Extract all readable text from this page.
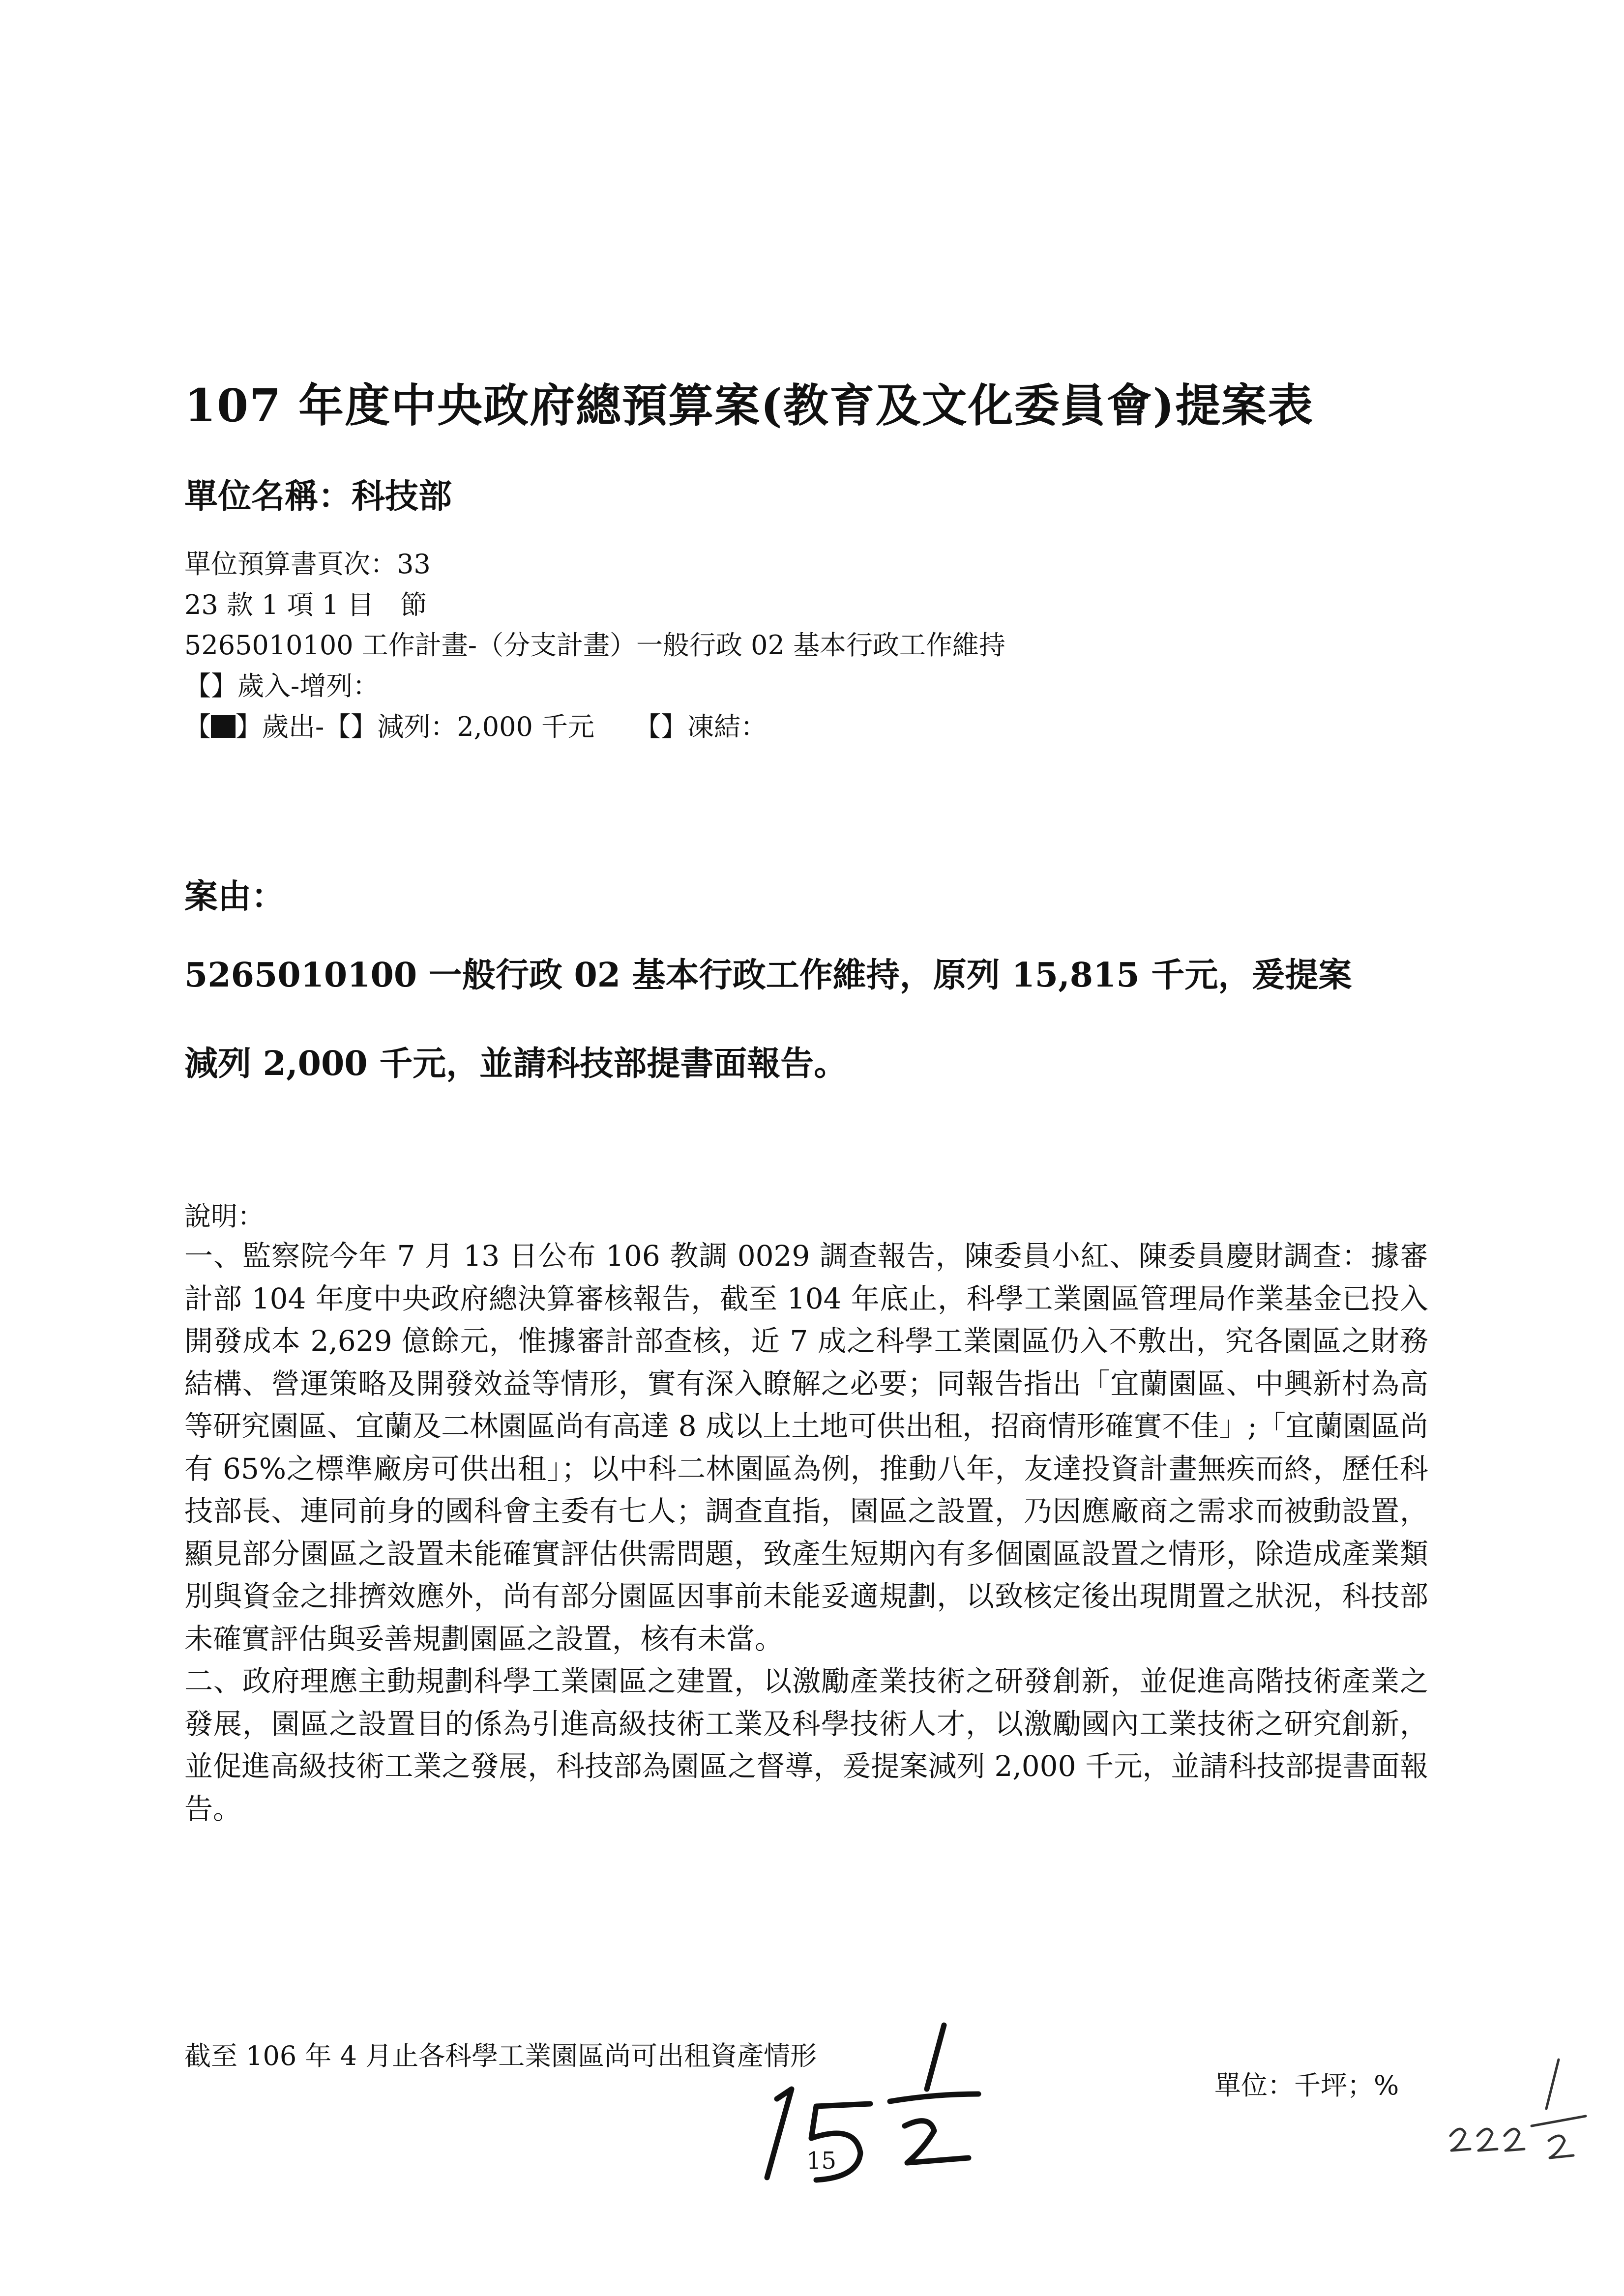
107 年度中央政府總預算案(教育及文化委員會)提案表
單位名稱：科技部
單位預算書頁次：33
23 款 1 項 1 目　節
5265010100 工作計畫-（分支計畫）一般行政 02 基本行政工作維持
【】歲入-增列：
【 】歲出-【】減列：2,000 千元　　【】凍結：
案由：
5265010100 一般行政 02 基本行政工作維持，原列 15,815 千元，爰提案
減列 2,000 千元，並請科技部提書面報告。
說明：

一、監察院今年 7 月 13 日公布 106 教調 0029 調查報告，陳委員小紅、陳委員慶財調查：據審計部 104 年度中央政府總決算審核報告，截至 104 年底止，科學工業園區管理局作業基金已投入開發成本 2,629 億餘元，惟據審計部查核，近 7 成之科學工業園區仍入不敷出，究各園區之財務結構、營運策略及開發效益等情形，實有深入瞭解之必要；同報告指出「宜蘭園區、中興新村為高等研究園區、宜蘭及二林園區尚有高達 8 成以上土地可供出租，招商情形確實不佳」;「宜蘭園區尚有 65%之標準廠房可供出租」；以中科二林園區為例，推動八年，友達投資計畫無疾而終，歷任科技部長、連同前身的國科會主委有七人；調查直指，園區之設置，乃因應廠商之需求而被動設置，顯見部分園區之設置未能確實評估供需問題，致產生短期內有多個園區設置之情形，除造成產業類別與資金之排擠效應外，尚有部分園區因事前未能妥適規劃，以致核定後出現閒置之狀況，科技部未確實評估與妥善規劃園區之設置，核有未當。

二、政府理應主動規劃科學工業園區之建置，以激勵產業技術之研發創新，並促進高階技術產業之發展，園區之設置目的係為引進高級技術工業及科學技術人才，以激勵國內工業技術之研究創新，並促進高級技術工業之發展，科技部為園區之督導，爰提案減列 2,000 千元，並請科技部提書面報告。

截至 106 年 4 月止各科學工業園區尚可出租資產情形
單位：千坪；%
15
